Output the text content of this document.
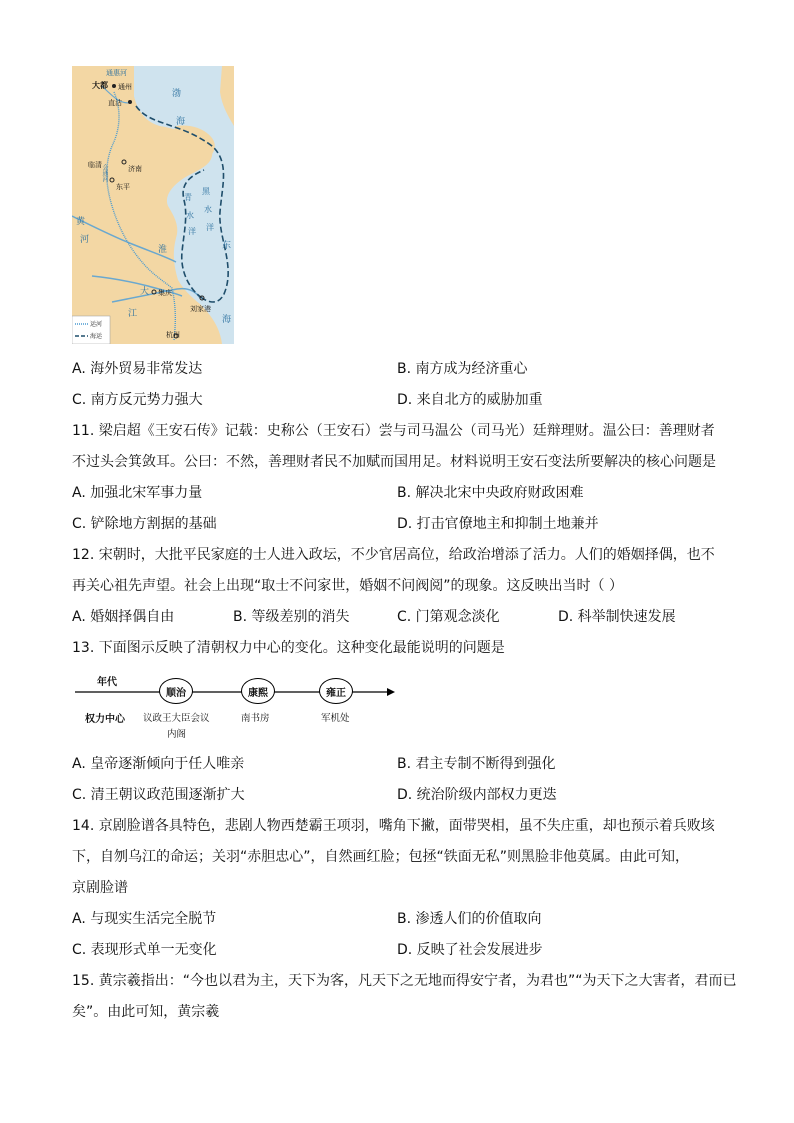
通惠河
大都 通州
直沽
渤
海
临清	济南
东平
会通河
黄
河
青
水
洋
黑
水
洋
淮	东
海
大
江
集庆
刘家港
杭州
运河
海运
A. 海外贸易非常发达	B. 南方成为经济重心
C. 南方反元势力强大	D. 来自北方的威胁加重
11. 梁启超《王安石传》记载：史称公（王安石）尝与司马温公（司马光）廷辩理财。温公曰：善理财者
不过头会箕敛耳。公曰：不然，善理财者民不加赋而国用足。材料说明王安石变法所要解决的核心问题是
A. 加强北宋军事力量	B. 解决北宋中央政府财政困难
C. 铲除地方割据的基础	D. 打击官僚地主和抑制土地兼并
12. 宋朝时，大批平民家庭的士人进入政坛，不少官居高位，给政治增添了活力。人们的婚姻择偶，也不
再关心祖先声望。社会上出现“取士不问家世，婚姻不问阀阅”的现象。这反映出当时（ ）
A. 婚姻择偶自由	B. 等级差别的消失	C. 门第观念淡化	D. 科举制快速发展
13. 下面图示反映了清朝权力中心的变化。这种变化最能说明的问题是
年代
权力中心
顺治	康熙	雍正
议政王大臣会议
内阁
南书房	军机处
A. 皇帝逐渐倾向于任人唯亲	B. 君主专制不断得到强化
C. 清王朝议政范围逐渐扩大	D. 统治阶级内部权力更迭
14. 京剧脸谱各具特色，悲剧人物西楚霸王项羽，嘴角下撇，面带哭相，虽不失庄重，却也预示着兵败垓
下，自刎乌江的命运；关羽“赤胆忠心”，自然画红脸；包拯“铁面无私”则黑脸非他莫属。由此可知，
京剧脸谱
A. 与现实生活完全脱节	B. 渗透人们的价值取向
C. 表现形式单一无变化	D. 反映了社会发展进步
15. 黄宗羲指出：“今也以君为主，天下为客，凡天下之无地而得安宁者，为君也”“为天下之大害者，君而已
矣”。由此可知，黄宗羲
